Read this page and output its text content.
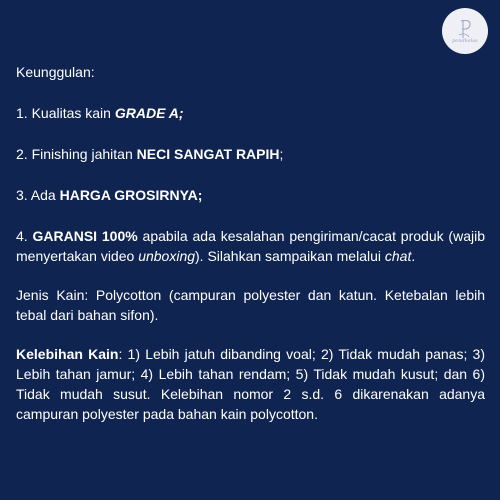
pondkelas

Keunggulan:

1. Kualitas kain GRADE A;

2. Finishing jahitan NECI SANGAT RAPIH;

3. Ada HARGA GROSIRNYA;

4. GARANSI 100% apabila ada kesalahan pengiriman/cacat produk (wajib menyertakan video unboxing). Silahkan sampaikan melalui chat.

Jenis Kain: Polycotton (campuran polyester dan katun. Ketebalan lebih tebal dari bahan sifon).

Kelebihan Kain: 1) Lebih jatuh dibanding voal; 2) Tidak mudah panas; 3) Lebih tahan jamur; 4) Lebih tahan rendam; 5) Tidak mudah kusut; dan 6) Tidak mudah susut. Kelebihan nomor 2 s.d. 6 dikarenakan adanya campuran polyester pada bahan kain polycotton.
